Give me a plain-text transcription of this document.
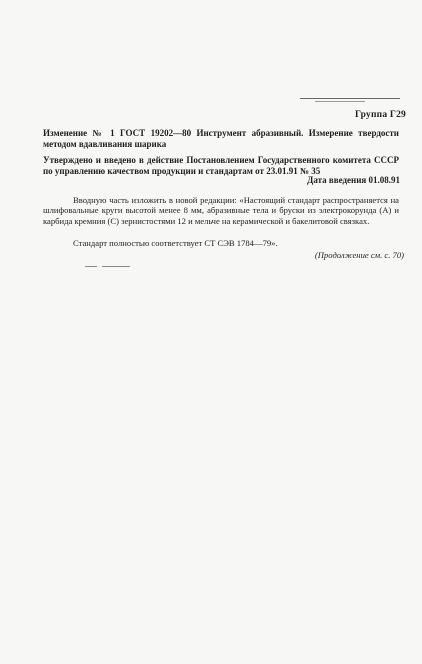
Группа Г29
Изменение № 1 ГОСТ 19202—80 Инструмент абразивный. Измерение твердости методом вдавливания шарика
Утверждено и введено в действие Постановлением Государственного комитета СССР по управлению качеством продукции и стандартам от 23.01.91 № 35
Дата введения 01.08.91
Вводную часть изложить в новой редакции: «Настоящий стандарт распространяется на шлифовальные круги высотой менее 8 мм, абразивные тела и бруски из электрокорунда (А) и карбида кремния (С) зернистостями 12 и мельче на керамической и бакелитовой связках.
Стандарт полностью соответствует СТ СЭВ 1784—79».
(Продолжение см. с. 70)
